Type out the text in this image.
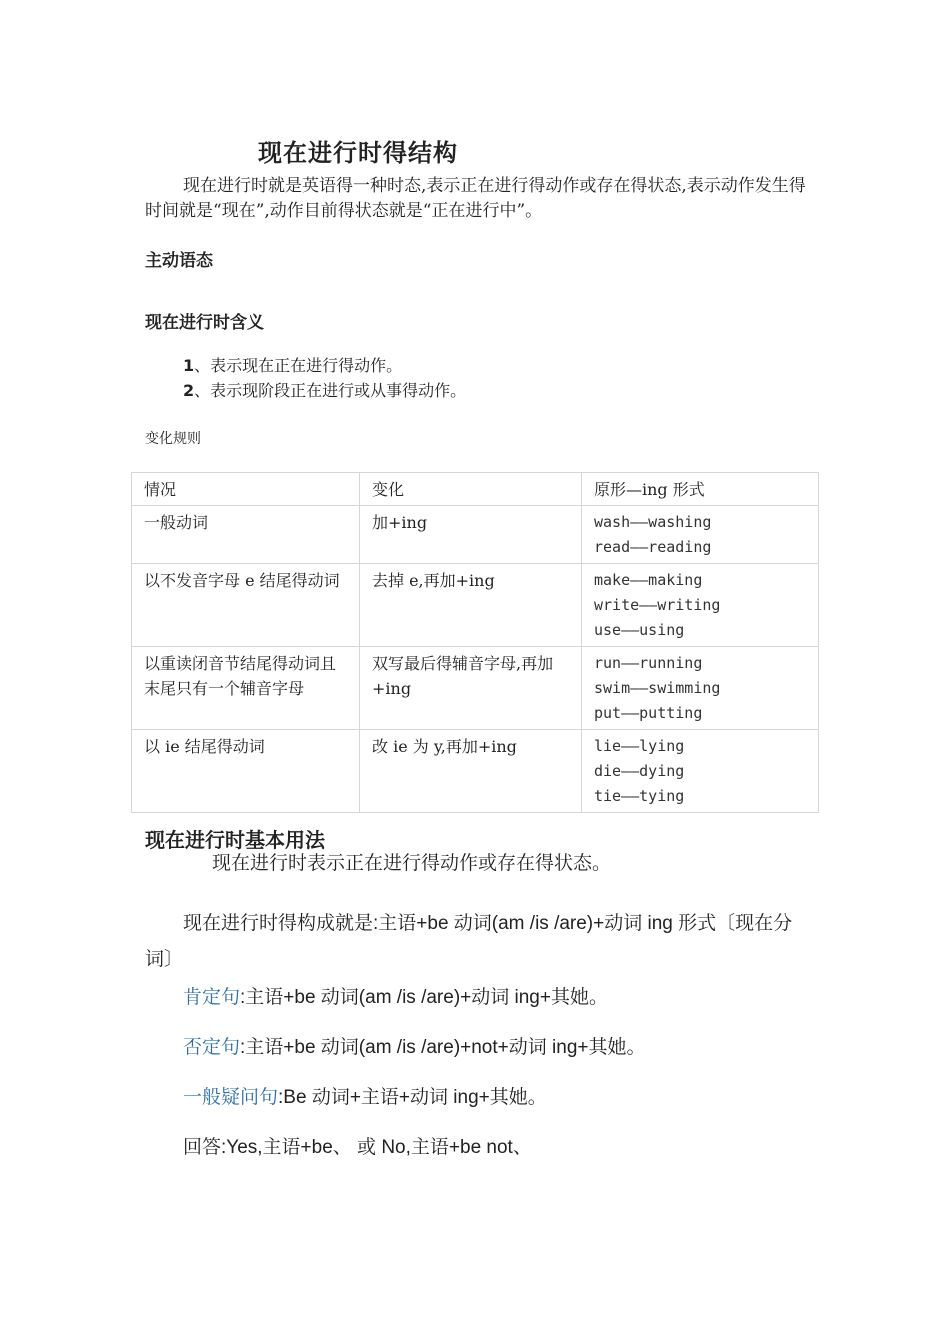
现在进行时得结构
现在进行时就是英语得一种时态,表示正在进行得动作或存在得状态,表示动作发生得时间就是“现在”,动作目前得状态就是“正在进行中”。
主动语态
现在进行时含义
1、表示现在正在进行得动作。
2、表示现阶段正在进行或从事得动作。
变化规则
情况	变化	原形—ing 形式
一般动词	加+ing	wash——washing
read——reading

以不发音字母 e 结尾得动词	去掉 e,再加+ing	make——making
write——writing
use——using

以重读闭音节结尾得动词且末尾只有一个辅音字母	双写最后得辅音字母,再加+ing	run——running
swim——swimming
put——putting

以 ie 结尾得动词	改 ie 为 y,再加+ing	lie——lying
die——dying
tie——tying
现在进行时基本用法
现在进行时表示正在进行得动作或存在得状态。
现在进行时得构成就是:主语+be 动词(am /is /are)+动词 ing 形式〔现在分词〕
肯定句:主语+be 动词(am /is /are)+动词 ing+其她。
否定句:主语+be 动词(am /is /are)+not+动词 ing+其她。
一般疑问句:Be 动词+主语+动词 ing+其她。
回答:Yes,主语+be、 或 No,主语+be not、
